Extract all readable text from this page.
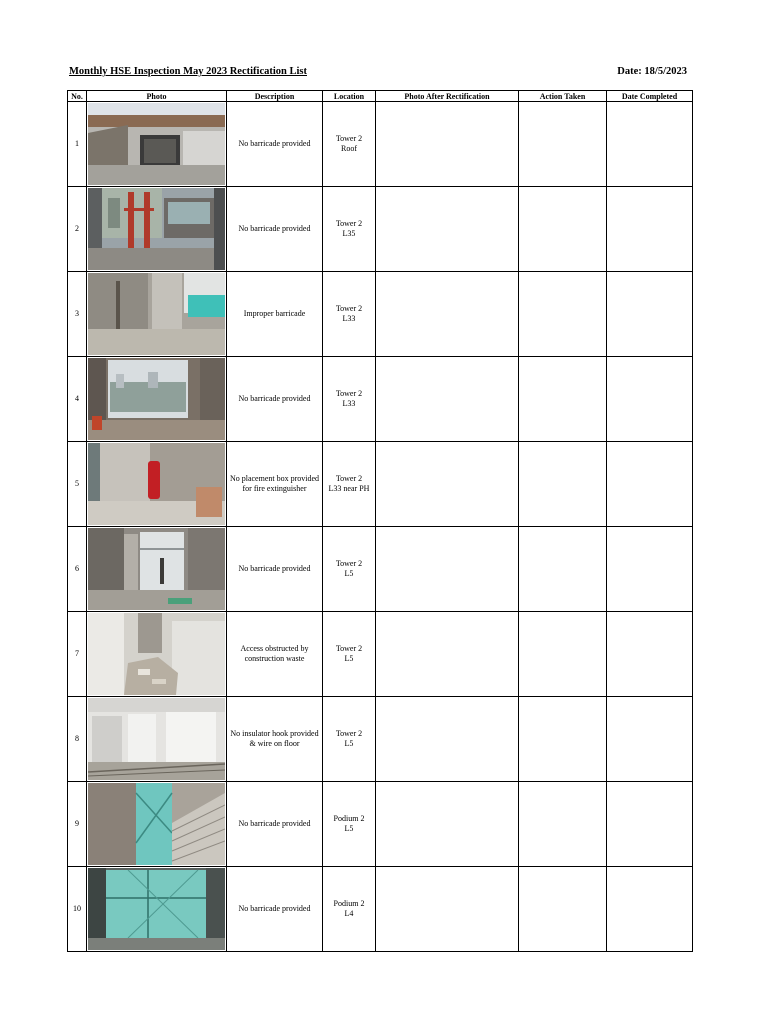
Monthly HSE Inspection May 2023 Rectification List	Date: 18/5/2023
No.	Photo	Description	Location	Photo After Rectification	Action Taken	Date Completed
1		No barricade provided	Tower 2
Roof			

2		No barricade provided	Tower 2
L35			

3		Improper barricade	Tower 2
L33			

4		No barricade provided	Tower 2
L33			

5		No placement box provided for fire extinguisher	Tower 2
L33 near PH			

6		No barricade provided	Tower 2
L5			

7		Access obstructed by construction waste	Tower 2
L5			

8		No insulator hook provided & wire on floor	Tower 2
L5			

9		No barricade provided	Podium 2
L5			

10		No barricade provided	Podium 2
L4			
